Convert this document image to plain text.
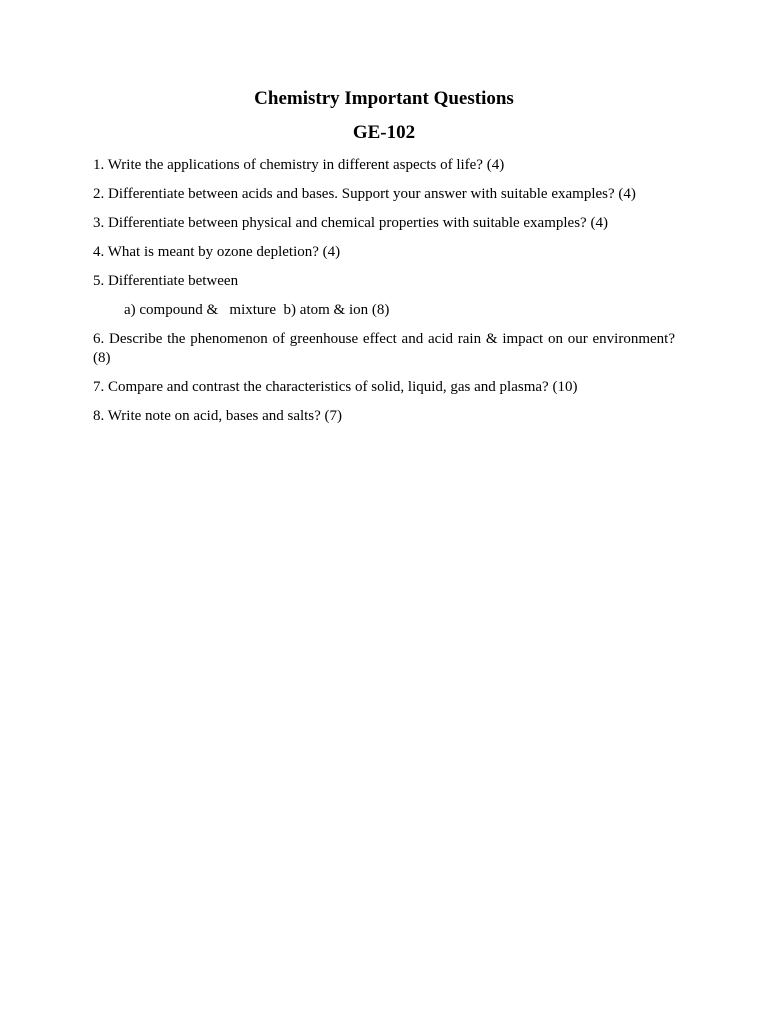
Chemistry Important Questions
GE-102
1. Write the applications of chemistry in different aspects of life? (4)
2. Differentiate between acids and bases. Support your answer with suitable examples? (4)
3. Differentiate between physical and chemical properties with suitable examples? (4)
4. What is meant by ozone depletion? (4)
5. Differentiate between
a) compound &   mixture  b) atom & ion (8)
6. Describe the phenomenon of greenhouse effect and acid rain & impact on our environment? (8)
7. Compare and contrast the characteristics of solid, liquid, gas and plasma? (10)
8. Write note on acid, bases and salts? (7)
